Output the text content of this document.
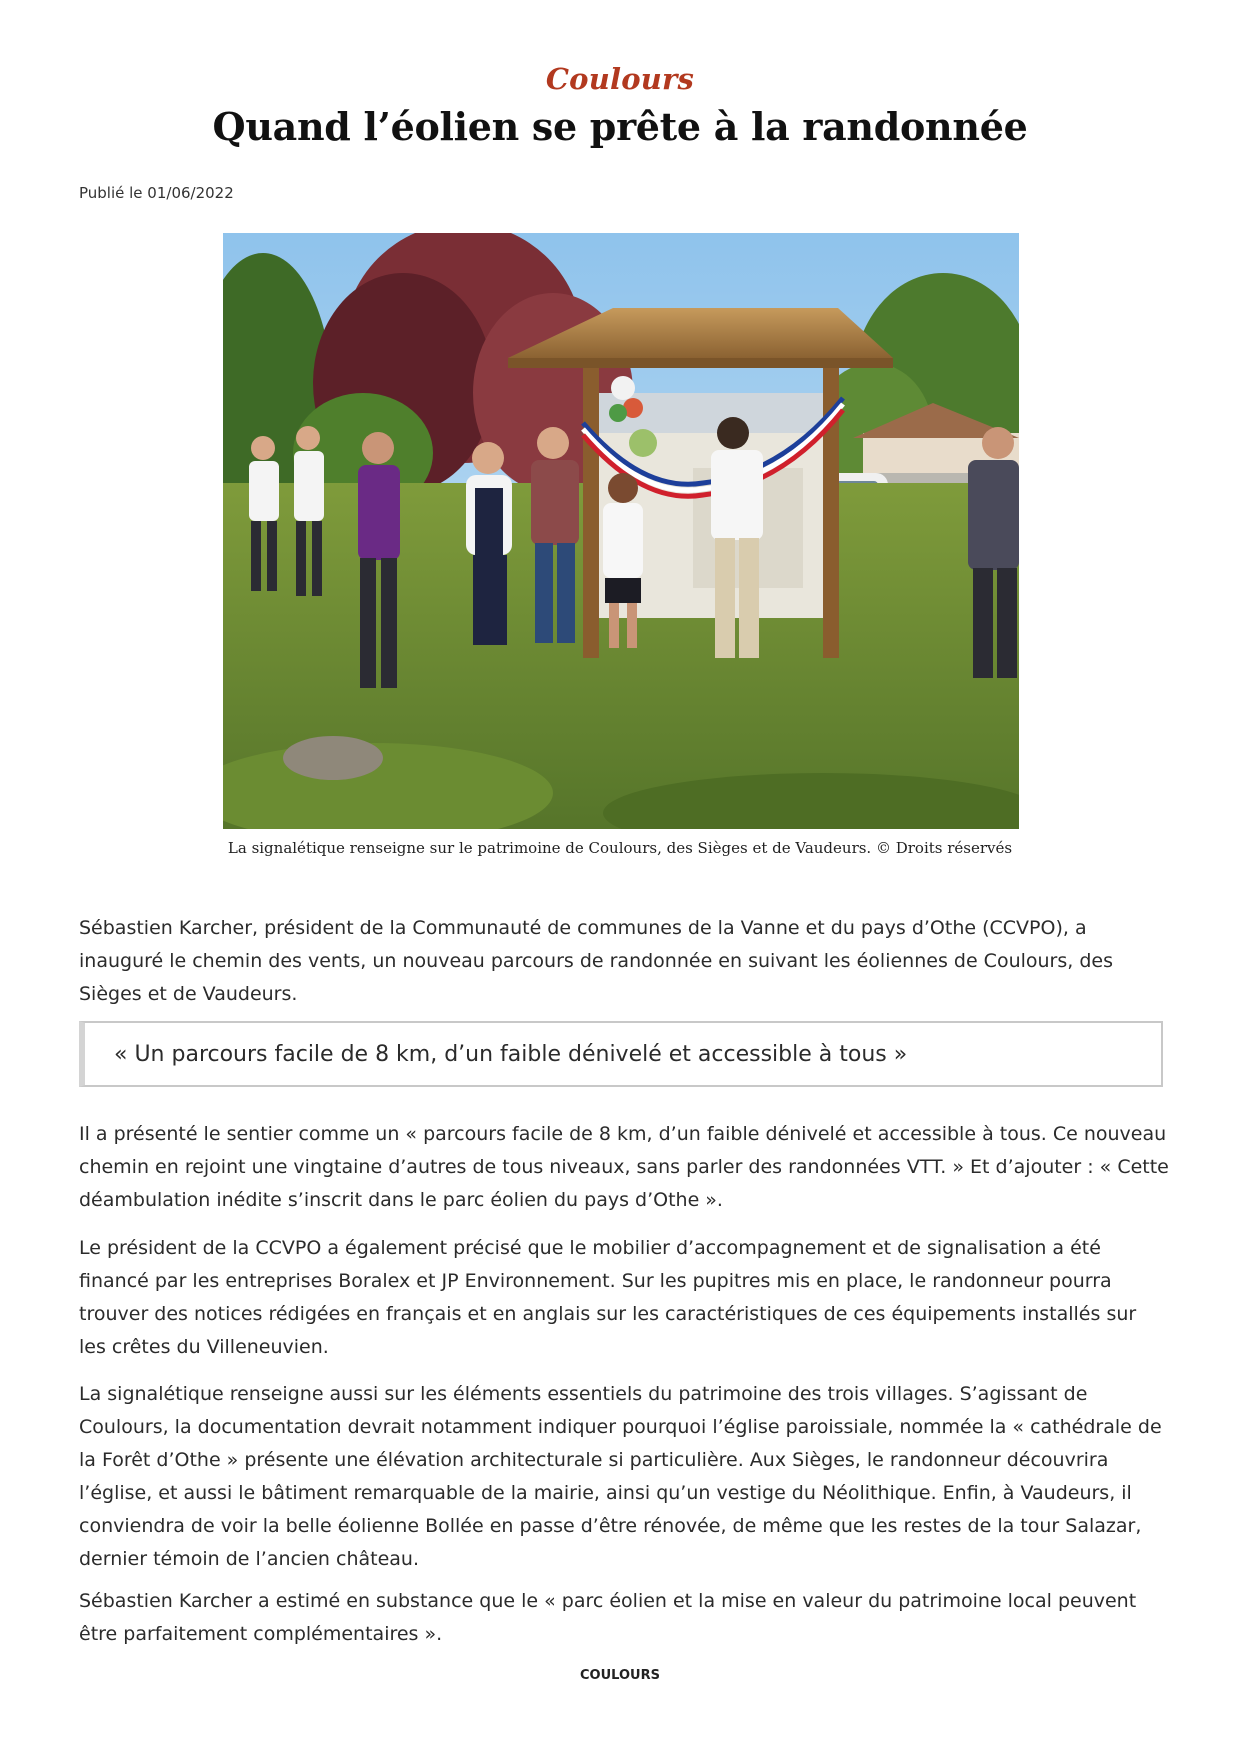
Coulours
Quand l’éolien se prête à la randonnée
Publié le 01/06/2022
La signalétique renseigne sur le patrimoine de Coulours, des Sièges et de Vaudeurs. © Droits réservés

Sébastien Karcher, président de la Communauté de communes de la Vanne et du pays d’Othe (CCVPO), a inauguré le chemin des vents, un nouveau parcours de randonnée en suivant les éoliennes de Coulours, des Sièges et de Vaudeurs.

« Un parcours facile de 8 km, d’un faible dénivelé et accessible à tous »

Il a présenté le sentier comme un « parcours facile de 8 km, d’un faible dénivelé et accessible à tous. Ce nouveau chemin en rejoint une vingtaine d’autres de tous niveaux, sans parler des randonnées VTT. » Et d’ajouter : « Cette déambulation inédite s’inscrit dans le parc éolien du pays d’Othe ».

Le président de la CCVPO a également précisé que le mobilier d’accompagnement et de signalisation a été financé par les entreprises Boralex et JP Environnement. Sur les pupitres mis en place, le randonneur pourra trouver des notices rédigées en français et en anglais sur les caractéristiques de ces équipements installés sur les crêtes du Villeneuvien.

La signalétique renseigne aussi sur les éléments essentiels du patrimoine des trois villages. S’agissant de Coulours, la documentation devrait notamment indiquer pourquoi l’église paroissiale, nommée la « cathédrale de la Forêt d’Othe » présente une élévation architecturale si particulière. Aux Sièges, le randonneur découvrira l’église, et aussi le bâtiment remarquable de la mairie, ainsi qu’un vestige du Néolithique. Enfin, à Vaudeurs, il conviendra de voir la belle éolienne Bollée en passe d’être rénovée, de même que les restes de la tour Salazar, dernier témoin de l’ancien château.

Sébastien Karcher a estimé en substance que le « parc éolien et la mise en valeur du patrimoine local peuvent être parfaitement complémentaires ».

COULOURS
